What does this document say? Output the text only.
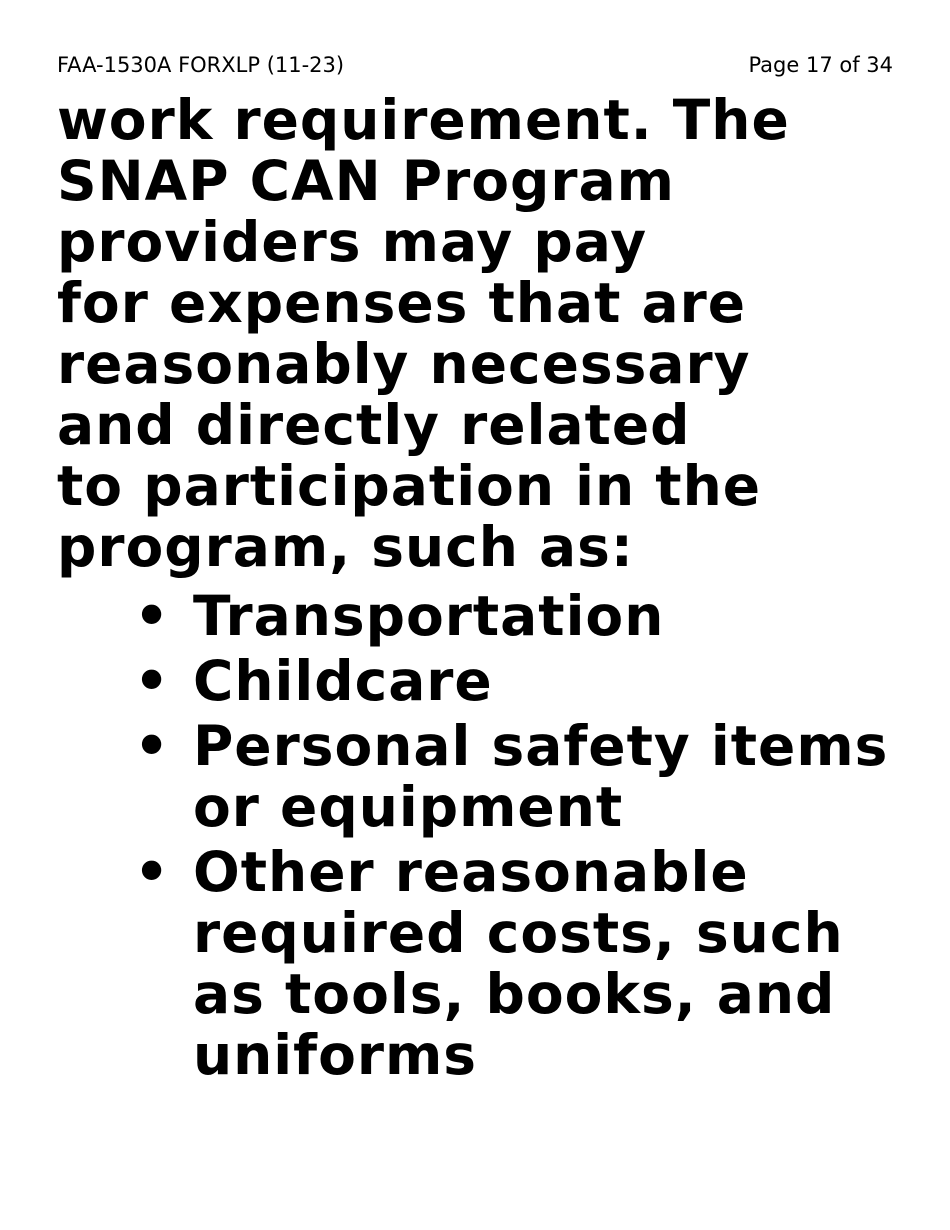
FAA-1530A FORXLP (11-23)	Page 17 of 34

work requirement. The
SNAP CAN Program
providers may pay
for expenses that are
reasonably necessary
and directly related
to participation in the
program, such as:

• Transportation
• Childcare
• Personal safety items
or equipment
• Other reasonable
required costs, such
as tools, books, and
uniforms
